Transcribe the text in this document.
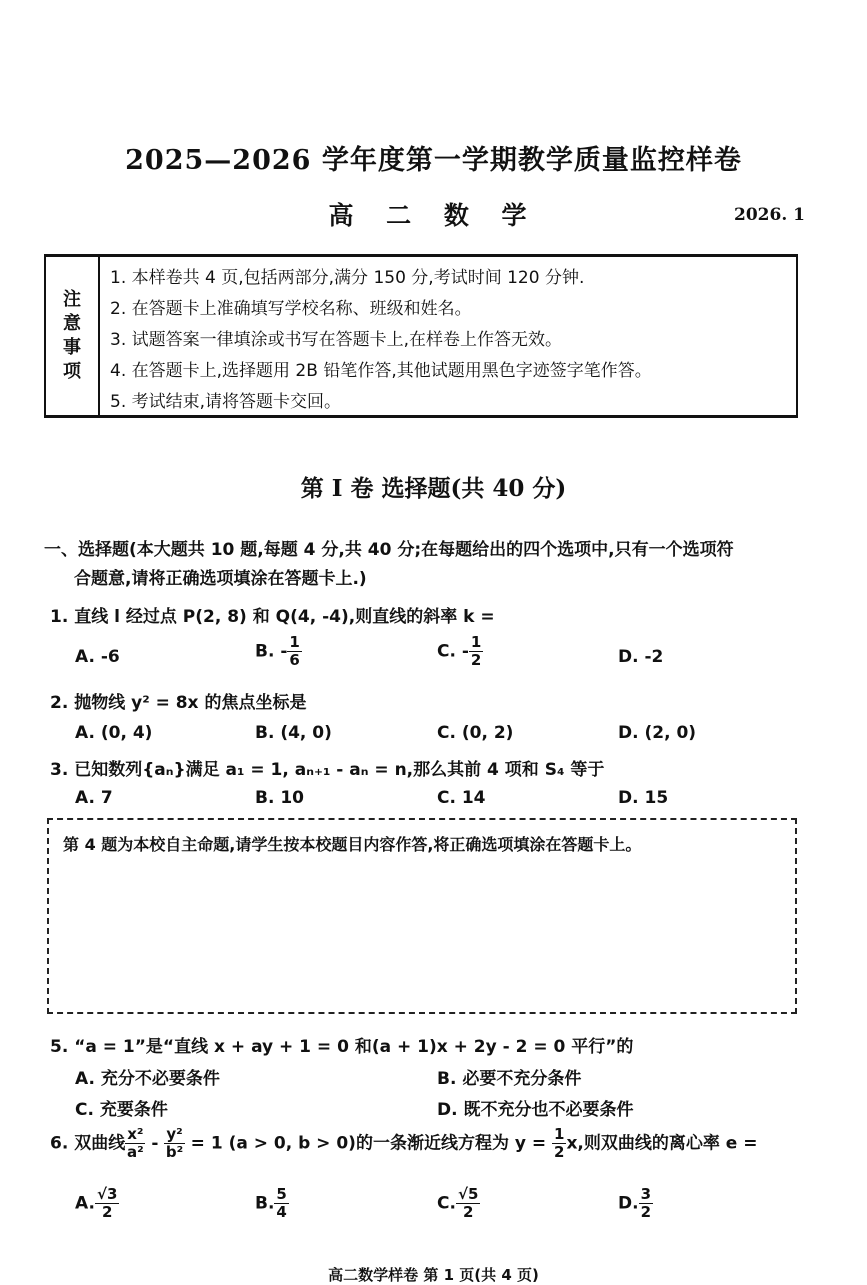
2025—2026 学年度第一学期教学质量监控样卷
高 二 数 学	2026. 1
注
意
事
项
1. 本样卷共 4 页,包括两部分,满分 150 分,考试时间 120 分钟.
2. 在答题卡上准确填写学校名称、班级和姓名。
3. 试题答案一律填涂或书写在答题卡上,在样卷上作答无效。
4. 在答题卡上,选择题用 2B 铅笔作答,其他试题用黑色字迹签字笔作答。
5. 考试结束,请将答题卡交回。
第 I 卷 选择题(共 40 分)
一、选择题(本大题共 10 题,每题 4 分,共 40 分;在每题给出的四个选项中,只有一个选项符
合题意,请将正确选项填涂在答题卡上.)
1. 直线 l 经过点 P(2, 8) 和 Q(4, -4),则直线的斜率 k =
A. -6	B. - $\frac{1}{6}$	C. - $\frac{1}{2}$	D. -2
2. 抛物线 y² = 8x 的焦点坐标是
A. (0, 4)	B. (4, 0)	C. (0, 2)	D. (2, 0)
3. 已知数列{aₙ}满足 a₁ = 1, aₙ₊₁ - aₙ = n,那么其前 4 项和 S₄ 等于
A. 7	B. 10	C. 14	D. 15
第 4 题为本校自主命题,请学生按本校题目内容作答,将正确选项填涂在答题卡上。
5. “a = 1”是“直线 x + ay + 1 = 0 和(a + 1)x + 2y - 2 = 0 平行”的
A. 充分不必要条件	B. 必要不充分条件
C. 充要条件	D. 既不充分也不必要条件
6. 双曲线 $\frac{\text{x²}}{\text{a²}} - \frac{\text{y²}}{\text{b²}} = 1$ (a > 0, b > 0)的一条渐近线方程为 $y = \frac{1}{2} x$,则双曲线的离心率 e =
A. $\frac{√3}{2}$	B. $\frac{5}{4}$	C. $\frac{√5}{2}$	D. $\frac{3}{2}$
高二数学样卷 第 1 页(共 4 页)
